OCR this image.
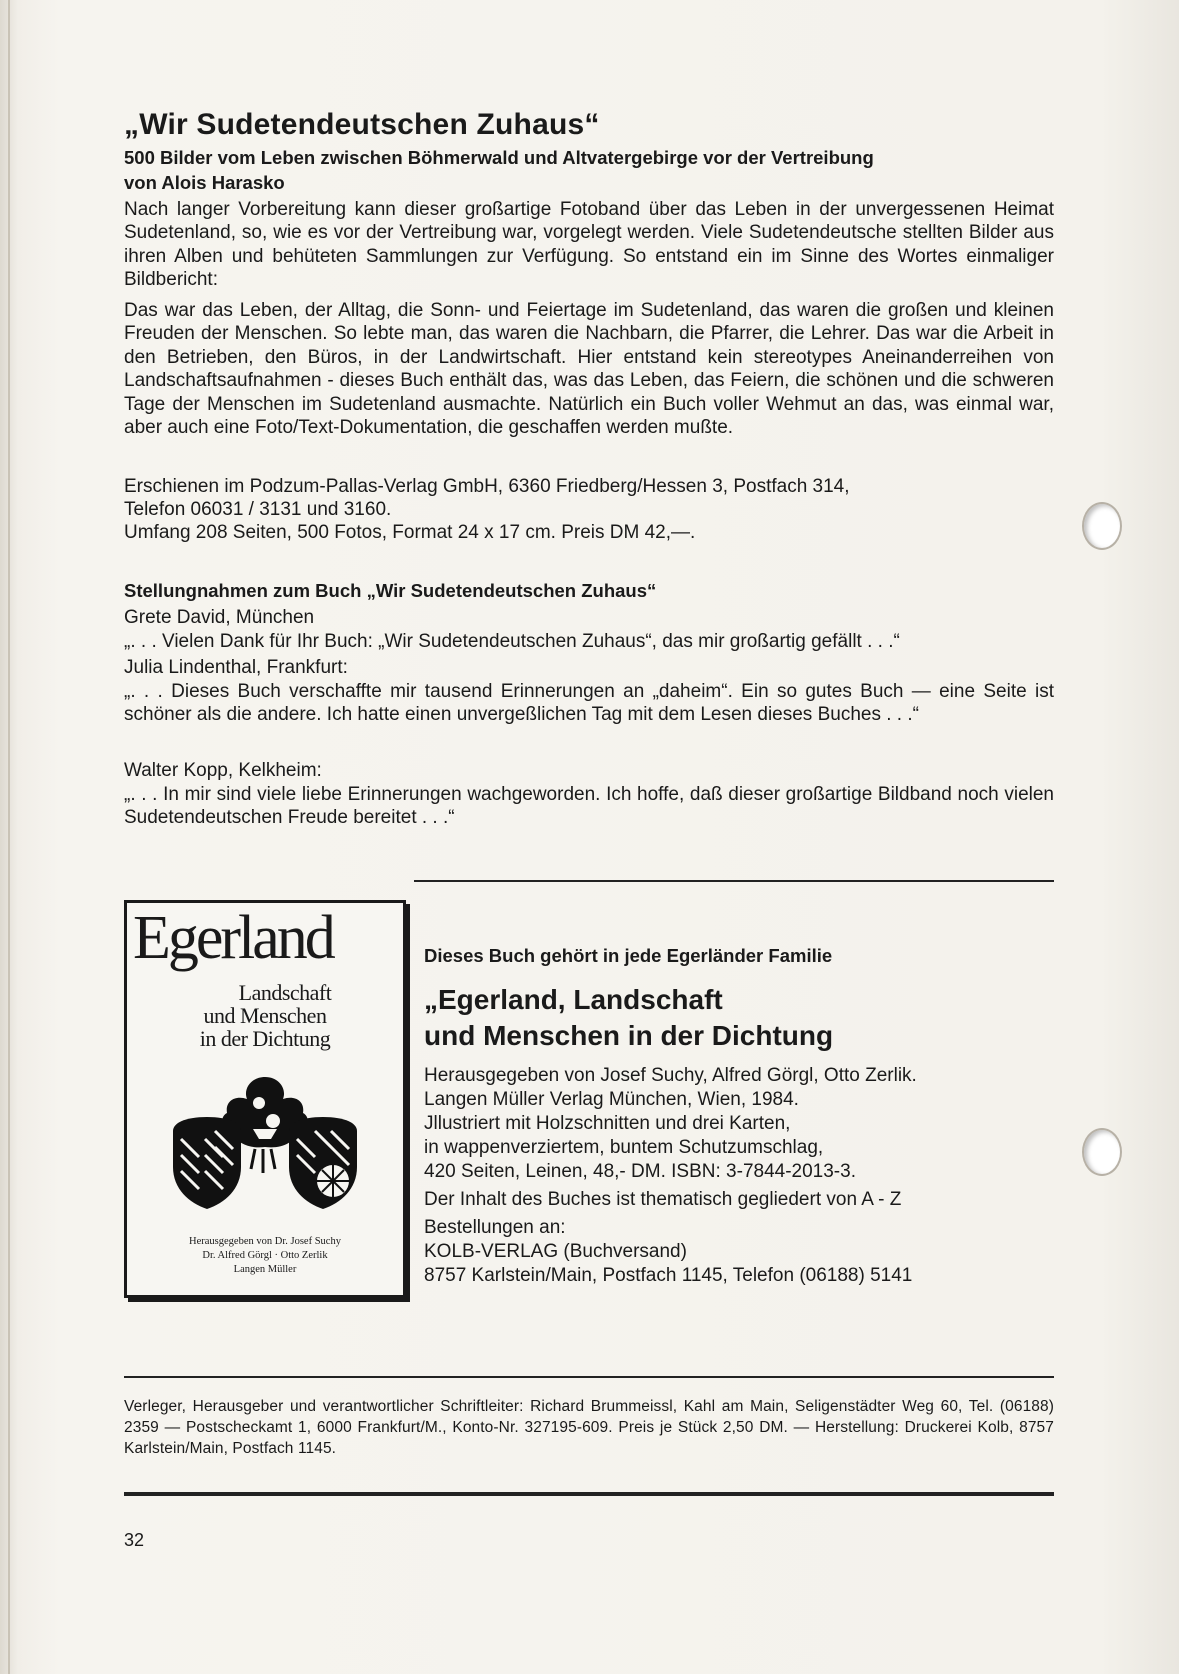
„Wir Sudetendeutschen Zuhaus“
500 Bilder vom Leben zwischen Böhmerwald und Altvatergebirge vor der Vertreibung
von Alois Harasko
Nach langer Vorbereitung kann dieser großartige Fotoband über das Leben in der unvergessenen Heimat Sudetenland, so, wie es vor der Vertreibung war, vorgelegt werden. Viele Sudetendeutsche stellten Bilder aus ihren Alben und behüteten Sammlungen zur Verfügung. So entstand ein im Sinne des Wortes einmaliger Bildbericht:
Das war das Leben, der Alltag, die Sonn- und Feiertage im Sudetenland, das waren die großen und kleinen Freuden der Menschen. So lebte man, das waren die Nachbarn, die Pfarrer, die Lehrer. Das war die Arbeit in den Betrieben, den Büros, in der Landwirtschaft. Hier entstand kein stereotypes Aneinanderreihen von Landschaftsaufnahmen - dieses Buch enthält das, was das Leben, das Feiern, die schönen und die schweren Tage der Menschen im Sudetenland ausmachte. Natürlich ein Buch voller Wehmut an das, was einmal war, aber auch eine Foto/Text-Dokumentation, die geschaffen werden mußte.
Erschienen im Podzum-Pallas-Verlag GmbH, 6360 Friedberg/Hessen 3, Postfach 314,
Telefon 06031 / 3131 und 3160.
Umfang 208 Seiten, 500 Fotos, Format 24 x 17 cm. Preis DM 42,—.
Stellungnahmen zum Buch „Wir Sudetendeutschen Zuhaus“
Grete David, München
„. . . Vielen Dank für Ihr Buch: „Wir Sudetendeutschen Zuhaus“, das mir großartig gefällt . . .“
Julia Lindenthal, Frankfurt:
„. . . Dieses Buch verschaffte mir tausend Erinnerungen an „daheim“. Ein so gutes Buch — eine Seite ist schöner als die andere. Ich hatte einen unvergeßlichen Tag mit dem Lesen dieses Buches . . .“
Walter Kopp, Kelkheim:
„. . . In mir sind viele liebe Erinnerungen wachgeworden. Ich hoffe, daß dieser großartige Bildband noch vielen Sudetendeutschen Freude bereitet . . .“
Egerland
Landschaft
und Menschen
in der Dichtung
Herausgegeben von Dr. Josef Suchy
Dr. Alfred Görgl · Otto Zerlik
Langen Müller
Dieses Buch gehört in jede Egerländer Familie
„Egerland, Landschaft
und Menschen in der Dichtung
Herausgegeben von Josef Suchy, Alfred Görgl, Otto Zerlik.
Langen Müller Verlag München, Wien, 1984.
Jllustriert mit Holzschnitten und drei Karten,
in wappenverziertem, buntem Schutzumschlag,
420 Seiten, Leinen, 48,- DM. ISBN: 3-7844-2013-3.
Der Inhalt des Buches ist thematisch gegliedert von A - Z
Bestellungen an:
KOLB-VERLAG (Buchversand)
8757 Karlstein/Main, Postfach 1145, Telefon (06188) 5141
Verleger, Herausgeber und verantwortlicher Schriftleiter: Richard Brummeissl, Kahl am Main, Seligenstädter Weg 60, Tel. (06188) 2359 — Postscheckamt 1, 6000 Frankfurt/M., Konto-Nr. 327195-609. Preis je Stück 2,50 DM. — Herstellung: Druckerei Kolb, 8757 Karlstein/Main, Postfach 1145.
32
